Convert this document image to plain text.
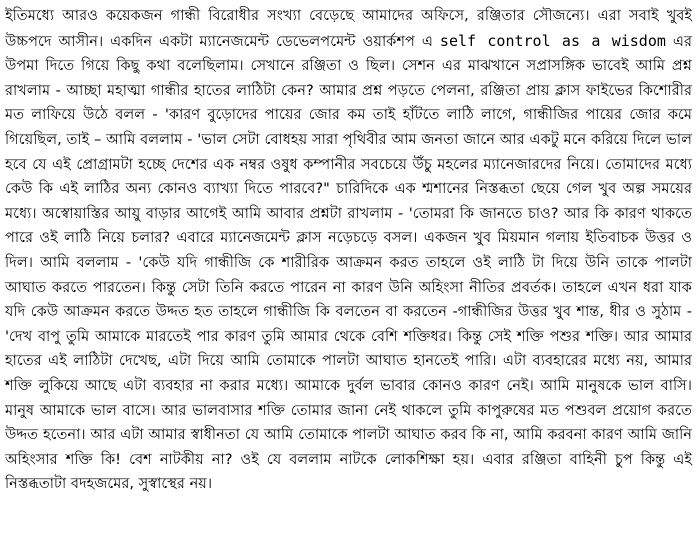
ইতিমধ্যে আরও কয়েকজন গান্ধী বিরোধীর সংখ্যা বেড়েছে আমাদের অফিসে, রঞ্জিতার সৌজন্যে। এরা সবাই খুবই উচ্চপদে আসীন। একদিন একটা ম্যানেজমেন্ট ডেভেলপমেন্ট ওয়ার্কশপ এ self control as a wisdom এর উপমা দিতে গিয়ে কিছু কথা বলেছিলাম। সেখানে রঞ্জিতা ও ছিল। সেশন এর মাঝখানে সপ্রাসঙ্গিক ভাবেই আমি প্রশ্ন রাখলাম - আচ্ছা মহাত্মা গান্ধীর হাতের লাঠিটা কেন? আমার প্রশ্ন পড়তে পেলনা, রঞ্জিতা প্রায় ক্লাস ফাইভের কিশোরীর মত লাফিয়ে উঠে বলল - 'কারণ বুড়োদের পায়ের জোর কম তাই হাঁটতে লাঠি লাগে, গান্ধীজির পায়ের জোর কমে গিয়েছিল, তাই – আমি বললাম - 'ভাল সেটা বোধহয় সারা পৃথিবীর আম জনতা জানে আর একটু মনে করিয়ে দিলে ভাল হবে যে এই প্রোগ্রামটা হচ্ছে দেশের এক নম্বর ওষুধ কম্পানীর সবচেয়ে উঁচু মহলের ম্যানেজারদের নিয়ে। তোমাদের মধ্যে কেউ কি এই লাঠির অন্য কোনও ব্যাখ্যা দিতে পারবে?" চারিদিকে এক শ্মশানের নিস্তব্ধতা ছেয়ে গেল খুব অল্প সময়ের মধ্যে। অস্বোয়াস্তির আয়ু বাড়ার আগেই আমি আবার প্রশ্নটা রাখলাম - 'তোমরা কি জানতে চাও? আর কি কারণ থাকতে পারে ওই লাঠি নিয়ে চলার? এবারে ম্যানেজমেন্ট ক্লাস নড়েচড়ে বসল। একজন খুব মিয়মান গলায় ইতিবাচক উত্তর ও দিল। আমি বললাম - 'কেউ যদি গান্ধীজি কে শারীরিক আক্রমন করত তাহলে ওই লাঠি টা দিয়ে উনি তাকে পালটা আঘাত করতে পারতেন। কিন্তু সেটা তিনি করতে পারেন না কারণ উনি অহিংসা নীতির প্রবর্তক। তাহলে এখন ধরা যাক যদি কেউ আক্রমন করতে উদ্দত হত তাহলে গান্ধীজি কি বলতেন বা করতেন -গান্ধীজির উত্তর খুব শান্ত, ধীর ও সুঠাম - 'দেখ বাপু তুমি আমাকে মারতেই পার কারণ তুমি আমার থেকে বেশি শক্তিধর। কিন্তু সেই শক্তি পশুর শক্তি। আর আমার হাতের এই লাঠিটা দেখেছ, এটা দিয়ে আমি তোমাকে পালটা আঘাত হানতেই পারি। এটা ব্যবহারের মধ্যে নয়, আমার শক্তি লুকিয়ে আছে এটা ব্যবহার না করার মধ্যে। আমাকে দুর্বল ভাবার কোনও কারণ নেই। আমি মানুষকে ভাল বাসি। মানুষ আমাকে ভাল বাসে। আর ভালবাসার শক্তি তোমার জানা নেই থাকলে তুমি কাপুরুষের মত পশুবল প্রয়োগ করতে উদ্দত হতেনা। আর এটা আমার স্বাধীনতা যে আমি তোমাকে পালটা আঘাত করব কি না, আমি করবনা কারণ আমি জানি অহিংসার শক্তি কি! বেশ নাটকীয় না? ওই যে বললাম নাটকে লোকশিক্ষা হয়। এবার রঞ্জিতা বাহিনী চুপ কিন্তু এই নিস্তব্ধতাটা বদহজমের, সুস্বাস্থের নয়।
